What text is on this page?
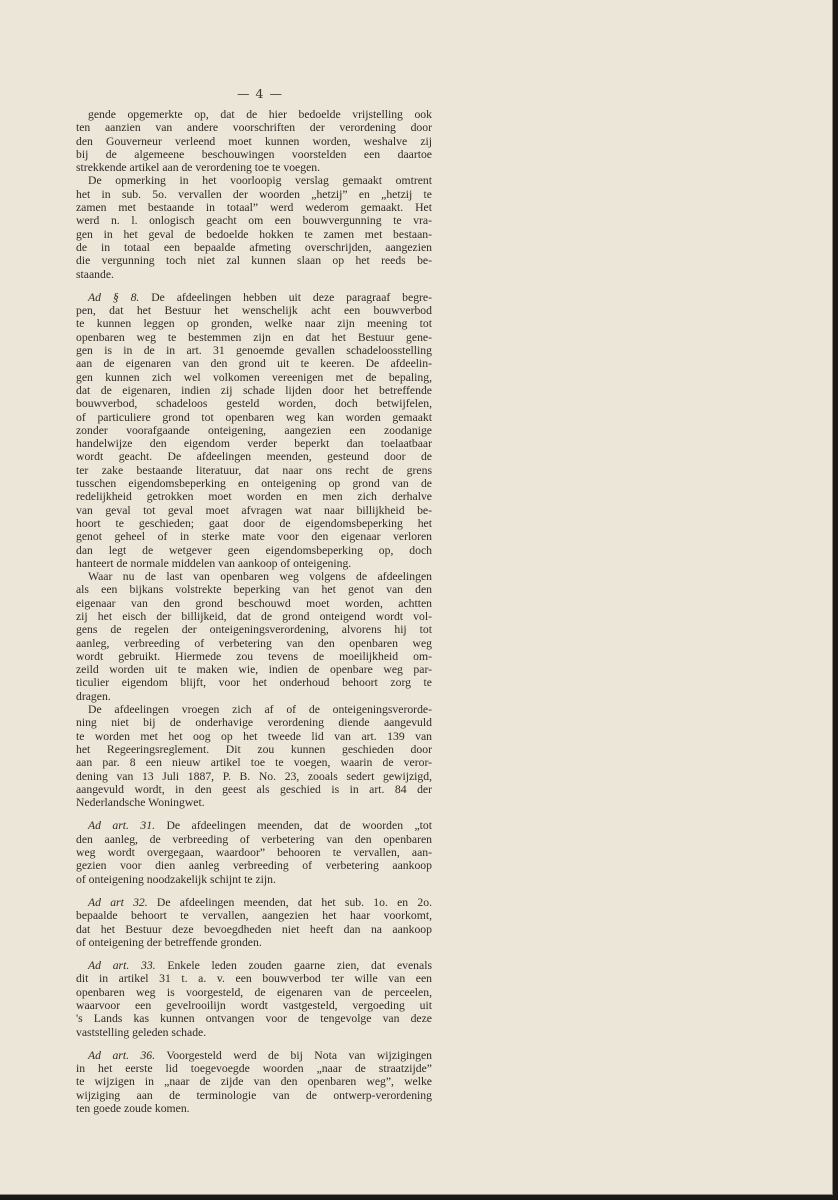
— 4 —
gende opgemerkte op, dat de hier bedoelde vrijstelling ook
ten aanzien van andere voorschriften der verordening door
den Gouverneur verleend moet kunnen worden, weshalve zij
bij de algemeene beschouwingen voorstelden een daartoe
strekkende artikel aan de verordening toe te voegen.
De opmerking in het voorloopig verslag gemaakt omtrent
het in sub. 5o. vervallen der woorden „hetzij” en „hetzij te
zamen met bestaande in totaal” werd wederom gemaakt. Het
werd n. l. onlogisch geacht om een bouwvergunning te vra-
gen in het geval de bedoelde hokken te zamen met bestaan-
de in totaal een bepaalde afmeting overschrijden, aangezien
die vergunning toch niet zal kunnen slaan op het reeds be-
staande.
Ad § 8. De afdeelingen hebben uit deze paragraaf begre-
pen, dat het Bestuur het wenschelijk acht een bouwverbod
te kunnen leggen op gronden, welke naar zijn meening tot
openbaren weg te bestemmen zijn en dat het Bestuur gene-
gen is in de in art. 31 genoemde gevallen schadeloosstelling
aan de eigenaren van den grond uit te keeren. De afdeelin-
gen kunnen zich wel volkomen vereenigen met de bepaling,
dat de eigenaren, indien zij schade lijden door het betreffende
bouwverbod, schadeloos gesteld worden, doch betwijfelen,
of particuliere grond tot openbaren weg kan worden gemaakt
zonder voorafgaande onteigening, aangezien een zoodanige
handelwijze den eigendom verder beperkt dan toelaatbaar
wordt geacht. De afdeelingen meenden, gesteund door de
ter zake bestaande literatuur, dat naar ons recht de grens
tusschen eigendomsbeperking en onteigening op grond van de
redelijkheid getrokken moet worden en men zich derhalve
van geval tot geval moet afvragen wat naar billijkheid be-
hoort te geschieden; gaat door de eigendomsbeperking het
genot geheel of in sterke mate voor den eigenaar verloren
dan legt de wetgever geen eigendomsbeperking op, doch
hanteert de normale middelen van aankoop of onteigening.
Waar nu de last van openbaren weg volgens de afdeelingen
als een bijkans volstrekte beperking van het genot van den
eigenaar van den grond beschouwd moet worden, achtten
zij het eisch der billijkeid, dat de grond onteigend wordt vol-
gens de regelen der onteigeningsverordening, alvorens hij tot
aanleg, verbreeding of verbetering van den openbaren weg
wordt gebruikt. Hiermede zou tevens de moeilijkheid om-
zeild worden uit te maken wie, indien de openbare weg par-
ticulier eigendom blijft, voor het onderhoud behoort zorg te
dragen.
De afdeelingen vroegen zich af of de onteigeningsverorde-
ning niet bij de onderhavige verordening diende aangevuld
te worden met het oog op het tweede lid van art. 139 van
het Regeeringsreglement. Dit zou kunnen geschieden door
aan par. 8 een nieuw artikel toe te voegen, waarin de veror-
dening van 13 Juli 1887, P. B. No. 23, zooals sedert gewijzigd,
aangevuld wordt, in den geest als geschied is in art. 84 der
Nederlandsche Woningwet.
Ad art. 31. De afdeelingen meenden, dat de woorden „tot
den aanleg, de verbreeding of verbetering van den openbaren
weg wordt overgegaan, waardoor” behooren te vervallen, aan-
gezien voor dien aanleg verbreeding of verbetering aankoop
of onteigening noodzakelijk schijnt te zijn.
Ad art 32. De afdeelingen meenden, dat het sub. 1o. en 2o.
bepaalde behoort te vervallen, aangezien het haar voorkomt,
dat het Bestuur deze bevoegdheden niet heeft dan na aankoop
of onteigening der betreffende gronden.
Ad art. 33. Enkele leden zouden gaarne zien, dat evenals
dit in artikel 31 t. a. v. een bouwverbod ter wille van een
openbaren weg is voorgesteld, de eigenaren van de perceelen,
waarvoor een gevelrooilijn wordt vastgesteld, vergoeding uit
's Lands kas kunnen ontvangen voor de tengevolge van deze
vaststelling geleden schade.
Ad art. 36. Voorgesteld werd de bij Nota van wijzigingen
in het eerste lid toegevoegde woorden „naar de straatzijde”
te wijzigen in „naar de zijde van den openbaren weg”, welke
wijziging aan de terminologie van de ontwerp-verordening
ten goede zoude komen.
